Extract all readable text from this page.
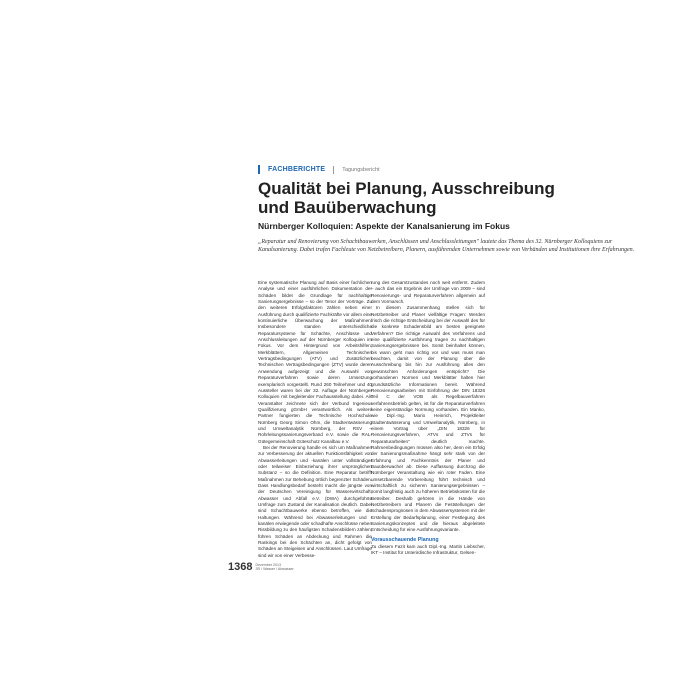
FACHBERICHTE	Tagungsbericht
Qualität bei Planung, Ausschreibung
und Bauüberwachung
Nürnberger Kolloquien: Aspekte der Kanalsanierung im Fokus

„Reparatur und Renovierung von Schachtbauwerken, Anschlüssen und Anschlussleitungen" lautete das Thema des 32. Nürnberger Kolloquiens zur Kanalsanierung. Dabei trafen Fachleute von Netzbetreibern, Planern, ausführenden Unternehmen sowie von Verbänden und Institutionen ihre Erfahrungen.

Eine systematische Planung auf Basis einer fachlichen Analyse und einer ausführlichen Dokumentation der Schäden bildet die Grundlage für nachhaltige Sanierungsergebnisse – so der Tenor der Vorträge. Zu den weiteren Erfolgsfaktoren zählen neben einer Ausführung durch qualifizierte Fachkräfte vor allem eine kontinuierliche Überwachung der Maßnahmen. Insbesondere standen unterschiedliche Reparatursysteme für Schächte, Anschlüsse und Anschlussleitungen auf der Nürnberger Kolloquien im Fokus. Vor dem Hintergrund von Arbeitshilfen, Merkblättern, Allgemeinen Technischen Vertragsbedingungen (ATV) und Zusätzlichen Technischen Vertragsbedingungen (ZTV) wurde deren Anwendung aufgezeigt und die Auswahl von Reparaturverfahren sowie deren Umsetzung exemplarisch vorgestellt. Rund 260 Teilnehmer und 40 Aussteller waren bei der 32. Auflage der Nürnberger Kolloquien mit begleitender Fachausstellung dabei. Als Veranstalter zeichnete sich der Verbund Ingenieur Qualifizierung gGmbH verantwortlich. Als weitere Partner fungierten die Technische Hochschule Nürnberg Georg Simon Ohm, die Stadtentwässerung und Umweltanalytik Nürnberg, der RSV – Rohrleitungssanierungsverband e.V. sowie die RAL-Gütegemeinschaft Güteschutz Kanalbau e.V.

Bei der Renovierung handle es sich um Maßnahmen zur Verbesserung der aktuellen Funktionsfähigkeit von Abwasserleitungen und -kanälen unter vollständiger oder teilweiser Einbeziehung ihrer ursprünglichen Substanz – so die Definition. Eine Reparatur betrifft Maßnahmen zur Behebung örtlich begrenzter Schäden. Dass Handlungsbedarf besteht macht die jüngste von der Deutschen Vereinigung für Wasserwirtschaft, Abwasser und Abfall e.V. (DWA) durchgeführte Umfrage zum Zustand der Kanalisation deutlich. Dabei sind Schachtbauwerke ebenso betroffen, wie die Haltungen. Während bei Abwasserleitungen und -kanälen erwiegende oder schadhafte Anschlüsse neben Rissbildung zu den häufigsten Schadensbildern zählen, führen Schäden an Abdeckung und Rahmen die Rankings bei den Schächten an, dicht gefolgt von Schäden an Steigeisen und Anschlüssen. Laut Umfrage sind wir von einer Verbesse-

rung des Gesamtzustandes noch weit entfernt. Zudem – auch das ein Ergebnis der Umfrage von 2009 – sind Renovierungs- und Reparaturverfahren allgemein auf dem Vormarsch.

In diesem Zusammenhang stellen sich für Netzbetreiber und Planer vielfältige Fragen: Werden frisch die richtige Entscheidung bei der Auswahl des für die konkrete Schadensbild am besten geeignete Verfahren? Die richtige Auswahl des Verfahrens und eine qualifizierte Ausführung tragen zu nachhaltigen Sanierungsergebnissen bei. Somit beinhaltet können, bis wann geht man richtig vor und was muss man beachten, damit von der Planung über die Ausschreibung bis hin zur Ausführung alles den gewünschten Anforderungen entspricht? Die vorhandenen Normen und Merkblätter halten hier grundsätzliche Informationen bereit. Während Renovierungsarbeiten mit Einführung der DIN 18326 Teil C der VOB als Regelbauverfahren verfahrensbetrieb gelten, ist für die Reparaturverfahren keine eigenständige Normung vorhanden. Ein Manko, wie Dipl.-Ing. Mario Heinrich, Projektleiter Stadtentwässerung und Umweltanalytik, Nürnberg, in einem Vortrag über „DIN 18326 für Renovierungsverfahren, ATVs und ZTVs für Reparaturarbeiten" deutlich machte. Rahmenbedingungen müssen also her, denn ein Erfolg der Sanierungsmaßnahme hängt sehr stark von der Erfahrung und Fachkenntnis der Planer und Bauüberwacher ab. Diese Auffassung durchzog die Nürnberger Veranstaltung wie ein roter Faden. Eine umsetzbarende Vorbereitung führt technisch und wirtschaftlich zu sicheren Sanierungsergebnissen – somit langfristig auch zu höheren Betriebskosten für die Betreiber. Deshalb gehören in die Hände von Netzbetreibern und Planern die Feststellungen der Schadensprognosen in dem Abwassersystemen mit der Erstellung der Bedarfsplanung, einer Festlegung des Sanierungskonzeptes und die hieraus abgeleitete Entscheidung für eine Ausführungsvariante.

Vorausschauende Planung

Zu diesem Fazit kam auch Dipl.-Ing. Martin Liebscher, IKT – Institut für Unterirdische Infrastruktur, Gelsen-

1368 Dezember 2013
3R / Wasser / Abwasser
